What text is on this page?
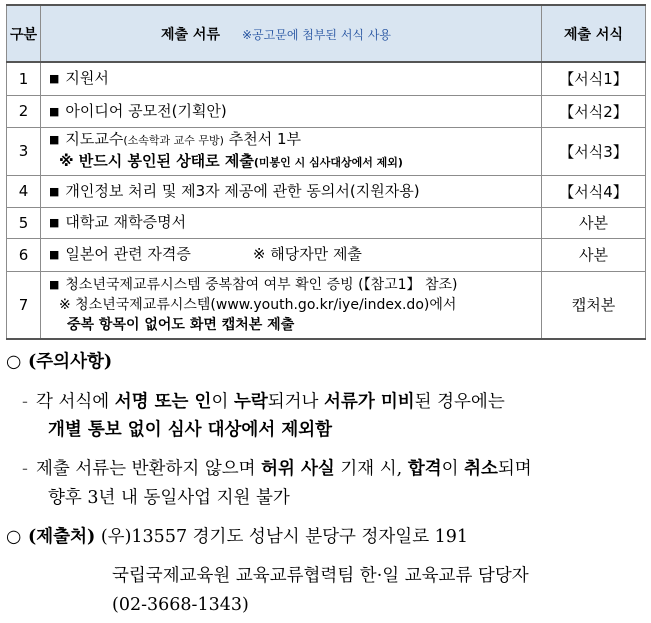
구분	제출 서류 ※공고문에 첨부된 서식 사용	제출 서식
1	■ 지원서	【서식1】
2	■ 아이디어 공모전(기획안)	【서식2】
3	■ 지도교수(소속학과 교수 무방) 추천서 1부
※ 반드시 봉인된 상태로 제출(미봉인 시 심사대상에서 제외)	【서식3】
4	■ 개인정보 처리 및 제3자 제공에 관한 동의서(지원자용)	【서식4】
5	■ 대학교 재학증명서	사본
6	■ 일본어 관련 자격증 ※ 해당자만 제출	사본
7	■ 청소년국제교류시스템 중복참여 여부 확인 증빙 (【참고1】 참조)
※ 청소년국제교류시스템(www.youth.go.kr/iye/index.do)에서
중복 항목이 없어도 화면 캡처본 제출	캡처본
○ (주의사항)
- 각 서식에 서명 또는 인이 누락되거나 서류가 미비된 경우에는
개별 통보 없이 심사 대상에서 제외함
- 제출 서류는 반환하지 않으며 허위 사실 기재 시, 합격이 취소되며
향후 3년 내 동일사업 지원 불가
○ (제출처) (우)13557 경기도 성남시 분당구 정자일로 191
국립국제교육원 교육교류협력팀 한·일 교육교류 담당자
(02-3668-1343)
